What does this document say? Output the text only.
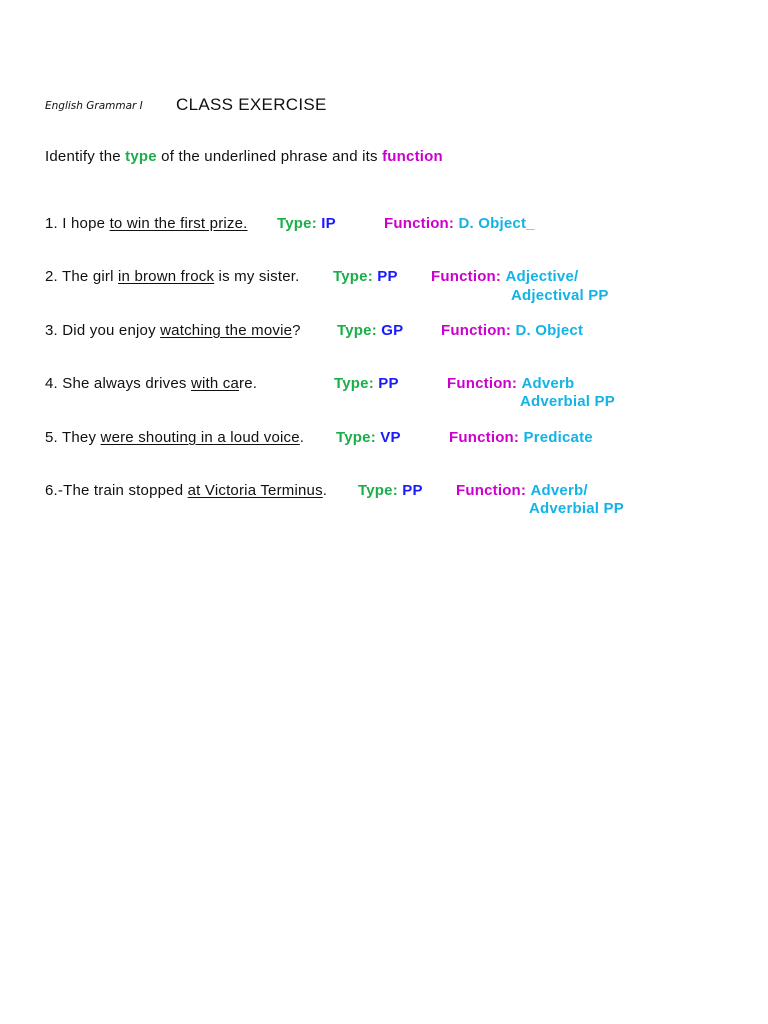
English Grammar I CLASS EXERCISE
Identify the type of the underlined phrase and its function
1. I hope to win the first prize. Type: IP	Function: D. Object_
2. The girl in brown frock is my sister. Type: PP Function: Adjective/
Adjectival PP
3. Did you enjoy watching the movie? Type: GP	Function: D. Object
4. She always drives with care.	Type: PP	Function: Adverb
Adverbial PP
5. They were shouting in a loud voice. Type: VP	Function: Predicate
6.-The train stopped at Victoria Terminus. Type: PP Function: Adverb/
Adverbial PP
